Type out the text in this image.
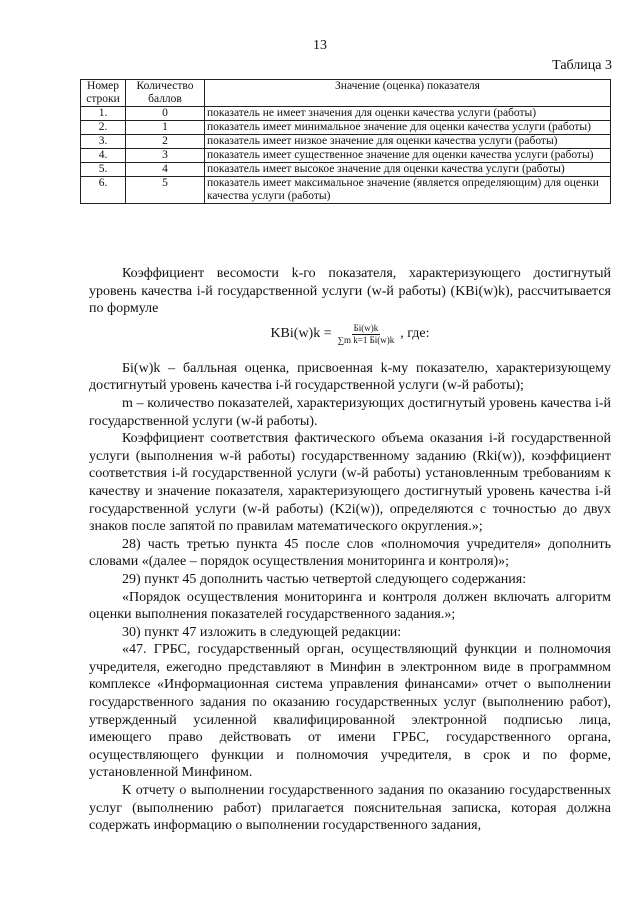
13
Таблица 3
Номер строки	Количество баллов	Значение (оценка) показателя
1.	0	показатель не имеет значения для оценки качества услуги (работы)
2.	1	показатель имеет минимальное значение для оценки качества услуги (работы)
3.	2	показатель имеет низкое значение для оценки качества услуги (работы)
4.	3	показатель имеет существенное значение для оценки качества услуги (работы)
5.	4	показатель имеет высокое значение для оценки качества услуги (работы)
6.	5	показатель имеет максимальное значение (является определяющим) для оценки качества услуги (работы)

Коэффициент весомости k-го показателя, характеризующего достигнутый уровень качества i-й государственной услуги (w-й работы) (KBi(w)k), рассчитывается по формуле

$KBi(w)k = \frac{Бi(w)k}{\text{∑m k=1 Бi(w)k}}$ , где:

Бi(w)k – балльная оценка, присвоенная k-му показателю, характеризующему достигнутый уровень качества i-й государственной услуги (w-й работы);

m – количество показателей, характеризующих достигнутый уровень качества i-й государственной услуги (w-й работы).

Коэффициент соответствия фактического объема оказания i-й государственной услуги (выполнения w-й работы) государственному заданию (Rki(w)), коэффициент соответствия i-й государственной услуги (w-й работы) установленным требованиям к качеству и значение показателя, характеризующего достигнутый уровень качества i-й государственной услуги (w-й работы) (K2i(w)), определяются с точностью до двух знаков после запятой по правилам математического округления.»;

28) часть третью пункта 45 после слов «полномочия учредителя» дополнить словами «(далее – порядок осуществления мониторинга и контроля)»;

29) пункт 45 дополнить частью четвертой следующего содержания:

«Порядок осуществления мониторинга и контроля должен включать алгоритм оценки выполнения показателей государственного задания.»;

30) пункт 47 изложить в следующей редакции:

«47. ГРБС, государственный орган, осуществляющий функции и полномочия учредителя, ежегодно представляют в Минфин в электронном виде в программном комплексе «Информационная система управления финансами» отчет о выполнении государственного задания по оказанию государственных услуг (выполнению работ), утвержденный усиленной квалифицированной электронной подписью лица, имеющего право действовать от имени ГРБС, государственного органа, осуществляющего функции и полномочия учредителя, в срок и по форме, установленной Минфином.

К отчету о выполнении государственного задания по оказанию государственных услуг (выполнению работ) прилагается пояснительная записка, которая должна содержать информацию о выполнении государственного задания,
